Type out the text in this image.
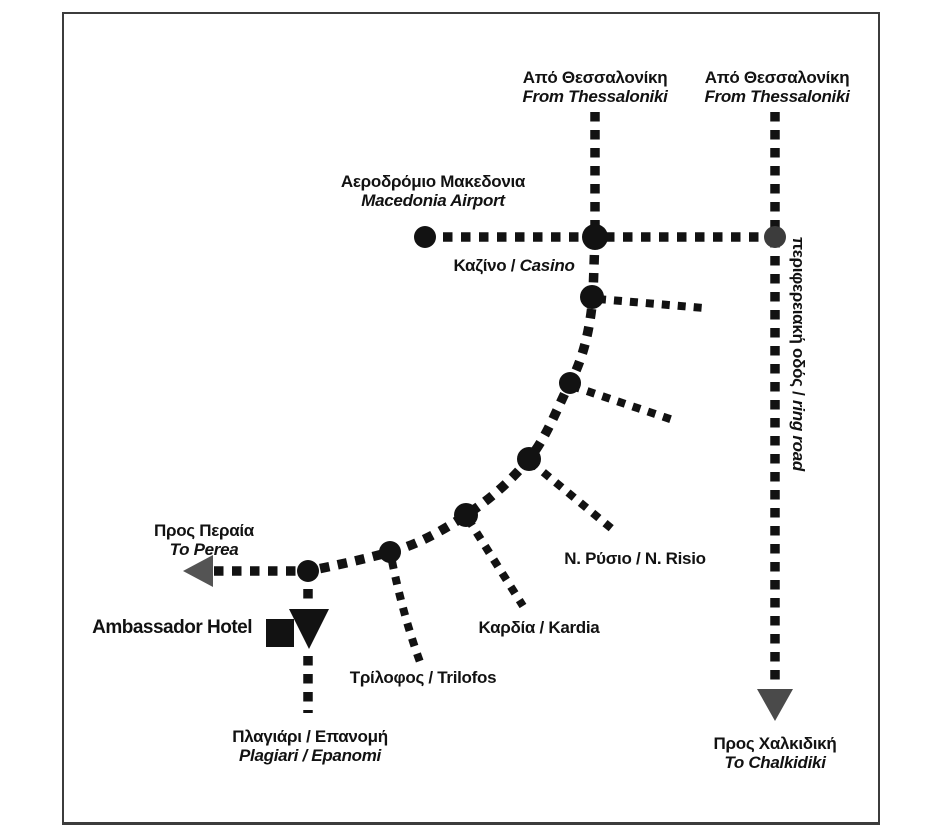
Από Θεσσαλονίκη
From Thessaloniki
Από Θεσσαλονίκη
From Thessaloniki
Αεροδρόμιο Μακεδονια
Macedonia Airport
Καζίνο / Casino	περιφερειακή οδός / ring road
Προς Περαία
To Perea
Ambassador Hotel
N. Ρύσιο / N. Risio
Καρδία / Kardia
Τρίλοφος / Trilofos
Πλαγιάρι / Επανομή
Plagiari / Epanomi
Προς Χαλκιδική
To Chalkidiki
